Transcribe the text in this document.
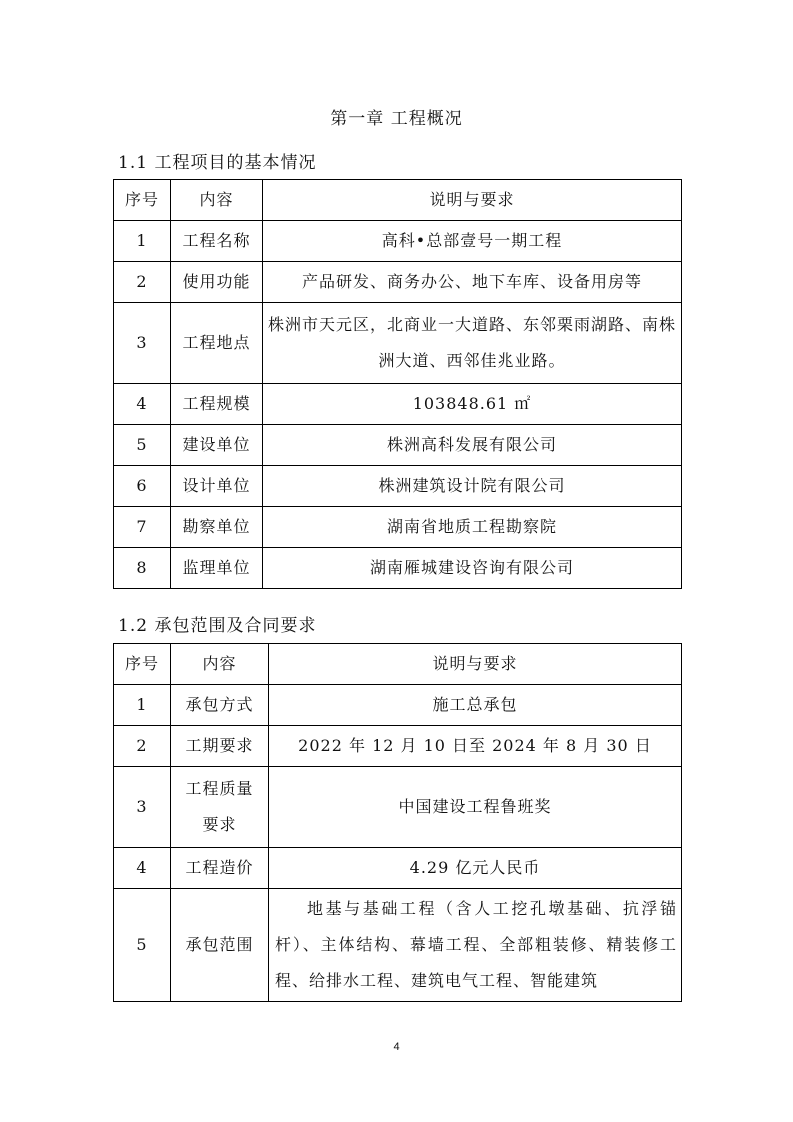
第一章 工程概况
1.1 工程项目的基本情况
序号	内容	说明与要求
1	工程名称	高科•总部壹号一期工程
2	使用功能	产品研发、商务办公、地下车库、设备用房等
3	工程地点	株洲市天元区，北商业一大道路、东邻栗雨湖路、南株洲大道、西邻佳兆业路。
4	工程规模	103848.61 ㎡
5	建设单位	株洲高科发展有限公司
6	设计单位	株洲建筑设计院有限公司
7	勘察单位	湖南省地质工程勘察院
8	监理单位	湖南雁城建设咨询有限公司
1.2 承包范围及合同要求
序号	内容	说明与要求
1	承包方式	施工总承包
2	工期要求	2022 年 12 月 10 日至 2024 年 8 月 30 日
3	工程质量要求	中国建设工程鲁班奖
4	工程造价	4.29 亿元人民币
5	承包范围	地基与基础工程（含人工挖孔墩基础、抗浮锚杆）、主体结构、幕墙工程、全部粗装修、精装修工程、给排水工程、建筑电气工程、智能建筑
4
